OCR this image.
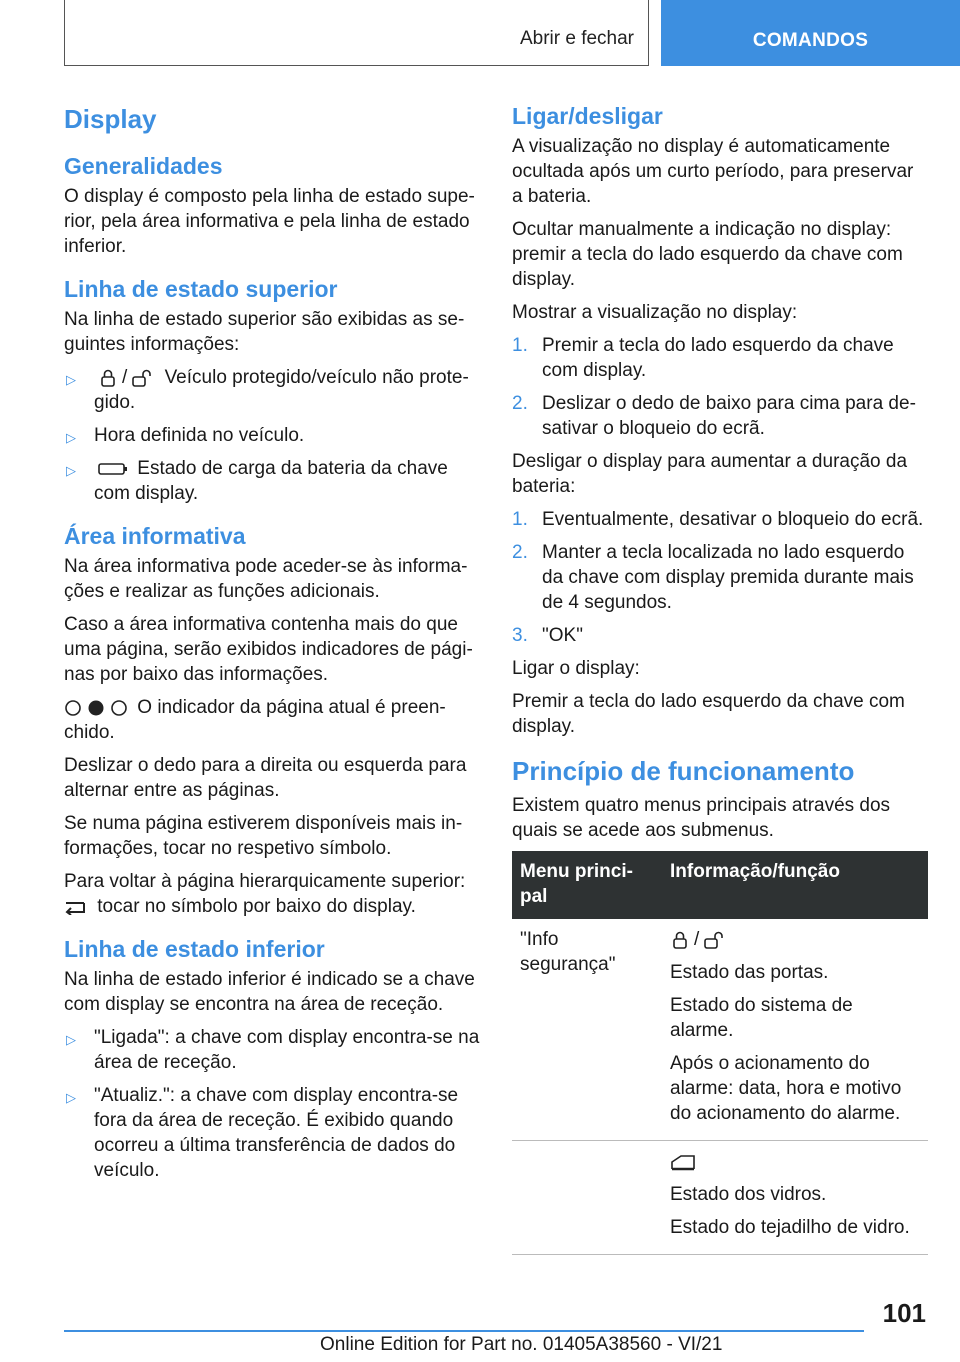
Abrir e fechar	COMANDOS
Display
Generalidades

O display é composto pela linha de estado superior, pela área informativa e pela linha de estado inferior.

Linha de estado superior

Na linha de estado superior são exibidas as seguintes informações:

▷ / Veículo protegido/veículo não protegido.
▷ Hora definida no veículo.
▷	Estado de carga da bateria da chave com display.
Área informativa

Na área informativa pode aceder-se às informações e realizar as funções adicionais.

Caso a área informativa contenha mais do que uma página, serão exibidos indicadores de páginas por baixo das informações.

O indicador da página atual é preenchido.

Deslizar o dedo para a direita ou esquerda para alternar entre as páginas.

Se numa página estiverem disponíveis mais informações, tocar no respetivo símbolo.

Para voltar à página hierarquicamente superior:

tocar no símbolo por baixo do display.

Linha de estado inferior

Na linha de estado inferior é indicado se a chave com display se encontra na área de receção.

▷ "Ligada": a chave com display encontra-se na área de receção.
▷ "Atualiz.": a chave com display encontra-se fora da área de receção. É exibido quando ocorreu a última transferência de dados do veículo.
Ligar/desligar

A visualização no display é automaticamente ocultada após um curto período, para preservar a bateria.

Ocultar manualmente a indicação no display: premir a tecla do lado esquerdo da chave com display.

Mostrar a visualização no display:

1. Premir a tecla do lado esquerdo da chave com display.
2. Deslizar o dedo de baixo para cima para desativar o bloqueio do ecrã.

Desligar o display para aumentar a duração da bateria:

1. Eventualmente, desativar o bloqueio do ecrã.
2. Manter a tecla localizada no lado esquerdo da chave com display premida durante mais de 4 segundos.
3. "OK"

Ligar o display:

Premir a tecla do lado esquerdo da chave com display.

Princípio de funcionamento

Existem quatro menus principais através dos quais se acede aos submenus.

Menu principal	Informação/função
"Info segurança"	/

Estado das portas.

Estado do sistema de alarme.

Após o acionamento do alarme: data, hora e motivo do acionamento do alarme.

	Estado dos vidros.

Estado do tejadilho de vidro.

101
Online Edition for Part no. 01405A38560 - VI/21
